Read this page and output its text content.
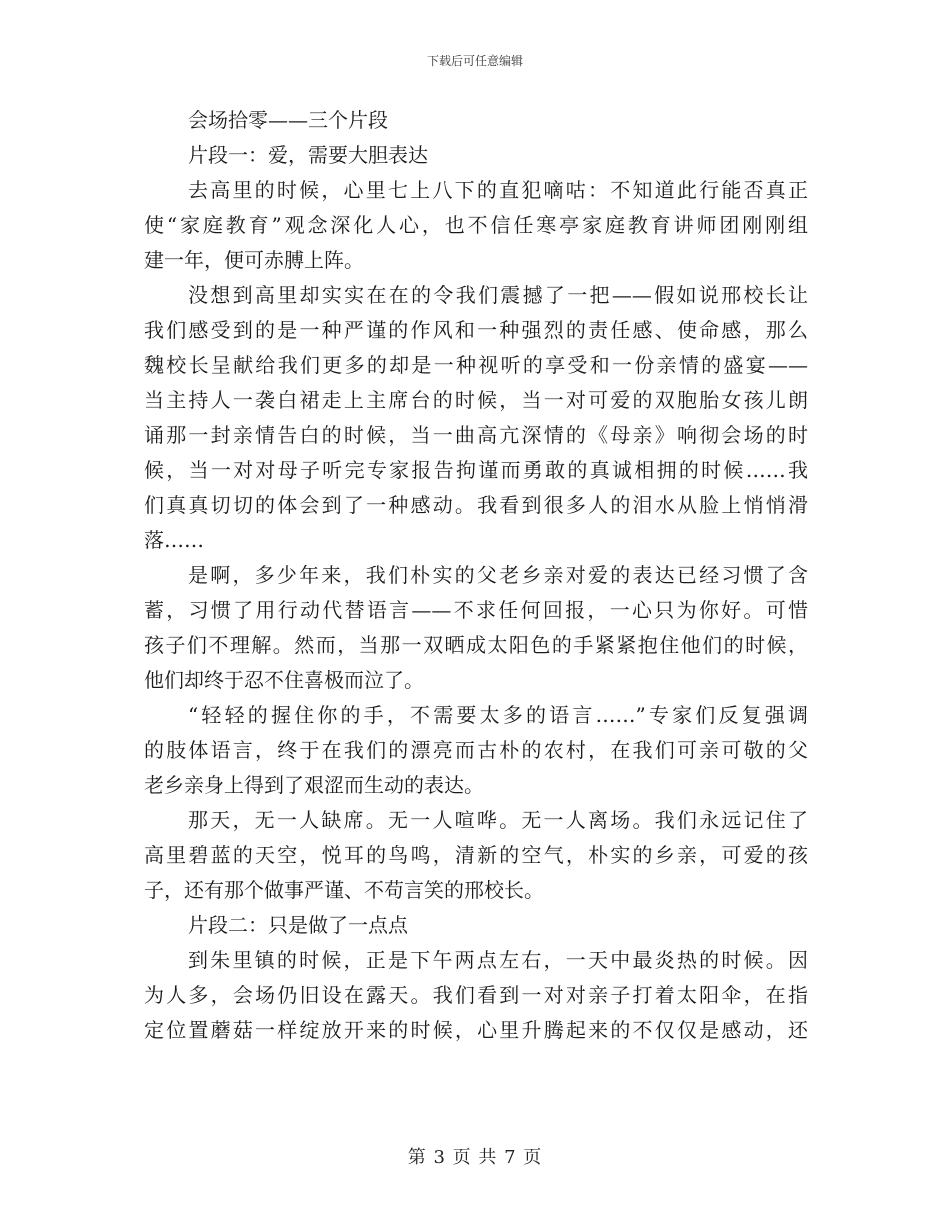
下载后可任意编辑
会场拾零——三个片段
片段一：爱，需要大胆表达
去高里的时候，心里七上八下的直犯嘀咕：不知道此行能否真正
使“家庭教育”观念深化人心，也不信任寒亭家庭教育讲师团刚刚组
建一年，便可赤膊上阵。
没想到高里却实实在在的令我们震撼了一把——假如说邢校长让
我们感受到的是一种严谨的作风和一种强烈的责任感、使命感，那么
魏校长呈献给我们更多的却是一种视听的享受和一份亲情的盛宴——
当主持人一袭白裙走上主席台的时候，当一对可爱的双胞胎女孩儿朗
诵那一封亲情告白的时候，当一曲高亢深情的《母亲》响彻会场的时
候，当一对对母子听完专家报告拘谨而勇敢的真诚相拥的时候……我
们真真切切的体会到了一种感动。我看到很多人的泪水从脸上悄悄滑
落……
是啊，多少年来，我们朴实的父老乡亲对爱的表达已经习惯了含
蓄，习惯了用行动代替语言——不求任何回报，一心只为你好。可惜
孩子们不理解。然而，当那一双晒成太阳色的手紧紧抱住他们的时候，
他们却终于忍不住喜极而泣了。
“轻轻的握住你的手，不需要太多的语言……”专家们反复强调
的肢体语言，终于在我们的漂亮而古朴的农村，在我们可亲可敬的父
老乡亲身上得到了艰涩而生动的表达。
那天，无一人缺席。无一人喧哗。无一人离场。我们永远记住了
高里碧蓝的天空，悦耳的鸟鸣，清新的空气，朴实的乡亲，可爱的孩
子，还有那个做事严谨、不苟言笑的邢校长。
片段二：只是做了一点点
到朱里镇的时候，正是下午两点左右，一天中最炎热的时候。因
为人多，会场仍旧设在露天。我们看到一对对亲子打着太阳伞，在指
定位置蘑菇一样绽放开来的时候，心里升腾起来的不仅仅是感动，还
第 3 页 共 7 页
